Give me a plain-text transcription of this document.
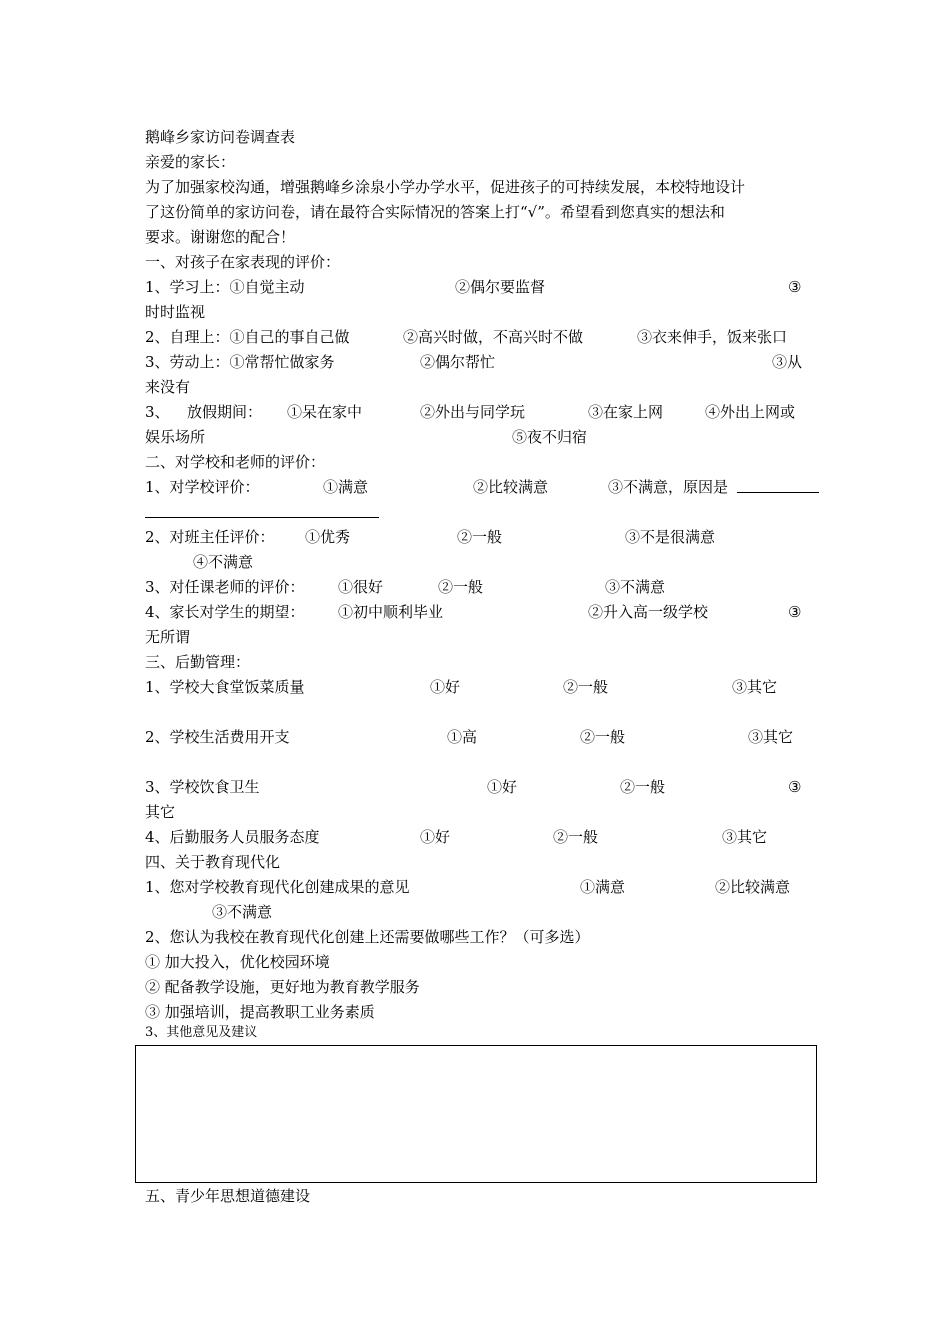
鹅峰乡家访问卷调查表
亲爱的家长：
为了加强家校沟通，增强鹅峰乡涂泉小学办学水平，促进孩子的可持续发展，本校特地设计
了这份简单的家访问卷，请在最符合实际情况的答案上打“√”。希望看到您真实的想法和
要求。谢谢您的配合！
一、对孩子在家表现的评价：
1、学习上：①自觉主动	②偶尔要监督	③
时时监视
2、自理上：①自己的事自己做	②高兴时做，不高兴时不做	③衣来伸手，饭来张口
3、劳动上：①常帮忙做家务	②偶尔帮忙	③从
来没有
3、 放假期间： ①呆在家中	②外出与同学玩	③在家上网	④外出上网或
娱乐场所	⑤夜不归宿
二、对学校和老师的评价：
1、对学校评价：	①满意	②比较满意	③不满意，原因是
2、对班主任评价： ①优秀	②一般	③不是很满意
④不满意
3、对任课老师的评价： ①很好	②一般	③不满意
4、家长对学生的期望： ①初中顺利毕业	②升入高一级学校	③
无所谓
三、后勤管理：
1、学校大食堂饭菜质量	①好	②一般	③其它
2、学校生活费用开支	①高	②一般	③其它
3、学校饮食卫生	①好	②一般	③
其它
4、后勤服务人员服务态度	①好	②一般	③其它
四、关于教育现代化
1、您对学校教育现代化创建成果的意见	①满意	②比较满意
③不满意
2、您认为我校在教育现代化创建上还需要做哪些工作？（可多选）
① 加大投入，优化校园环境
② 配备教学设施，更好地为教育教学服务
③ 加强培训，提高教职工业务素质
3、其他意见及建议
五、青少年思想道德建设
